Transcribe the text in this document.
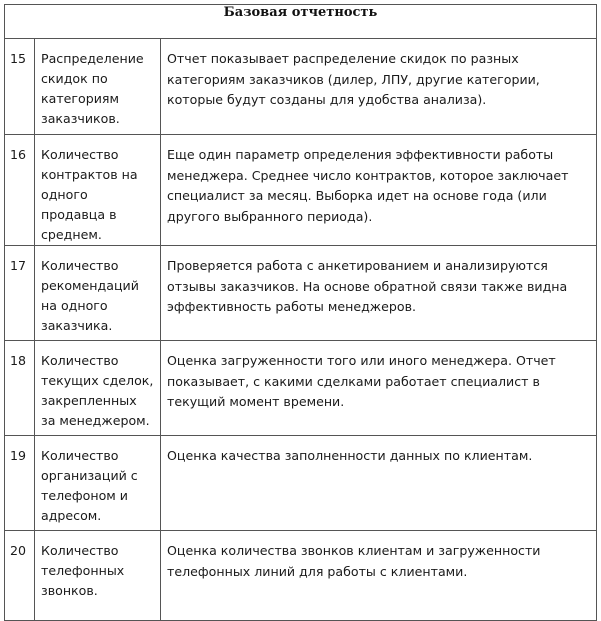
Базовая отчетность		
15	Распределение скидок по категориям заказчиков.	Отчет показывает распределение скидок по разных категориям заказчиков (дилер, ЛПУ, другие категории, которые будут созданы для удобства анализа).
16	Количество контрактов на одного продавца в среднем.	Еще один параметр определения эффективности работы менеджера. Среднее число контрактов, которое заключает специалист за месяц. Выборка идет на основе года (или другого выбранного периода).
17	Количество рекомендаций на одного заказчика.	Проверяется работа с анкетированием и анализируются отзывы заказчиков. На основе обратной связи также видна эффективность работы менеджеров.
18	Количество текущих сделок, закрепленных за менеджером.	Оценка загруженности того или иного менеджера. Отчет показывает, с какими сделками работает специалист в текущий момент времени.
19	Количество организаций с телефоном и адресом.	Оценка качества заполненности данных по клиентам.
20	Количество телефонных звонков.	Оценка количества звонков клиентам и загруженности телефонных линий для работы с клиентами.
